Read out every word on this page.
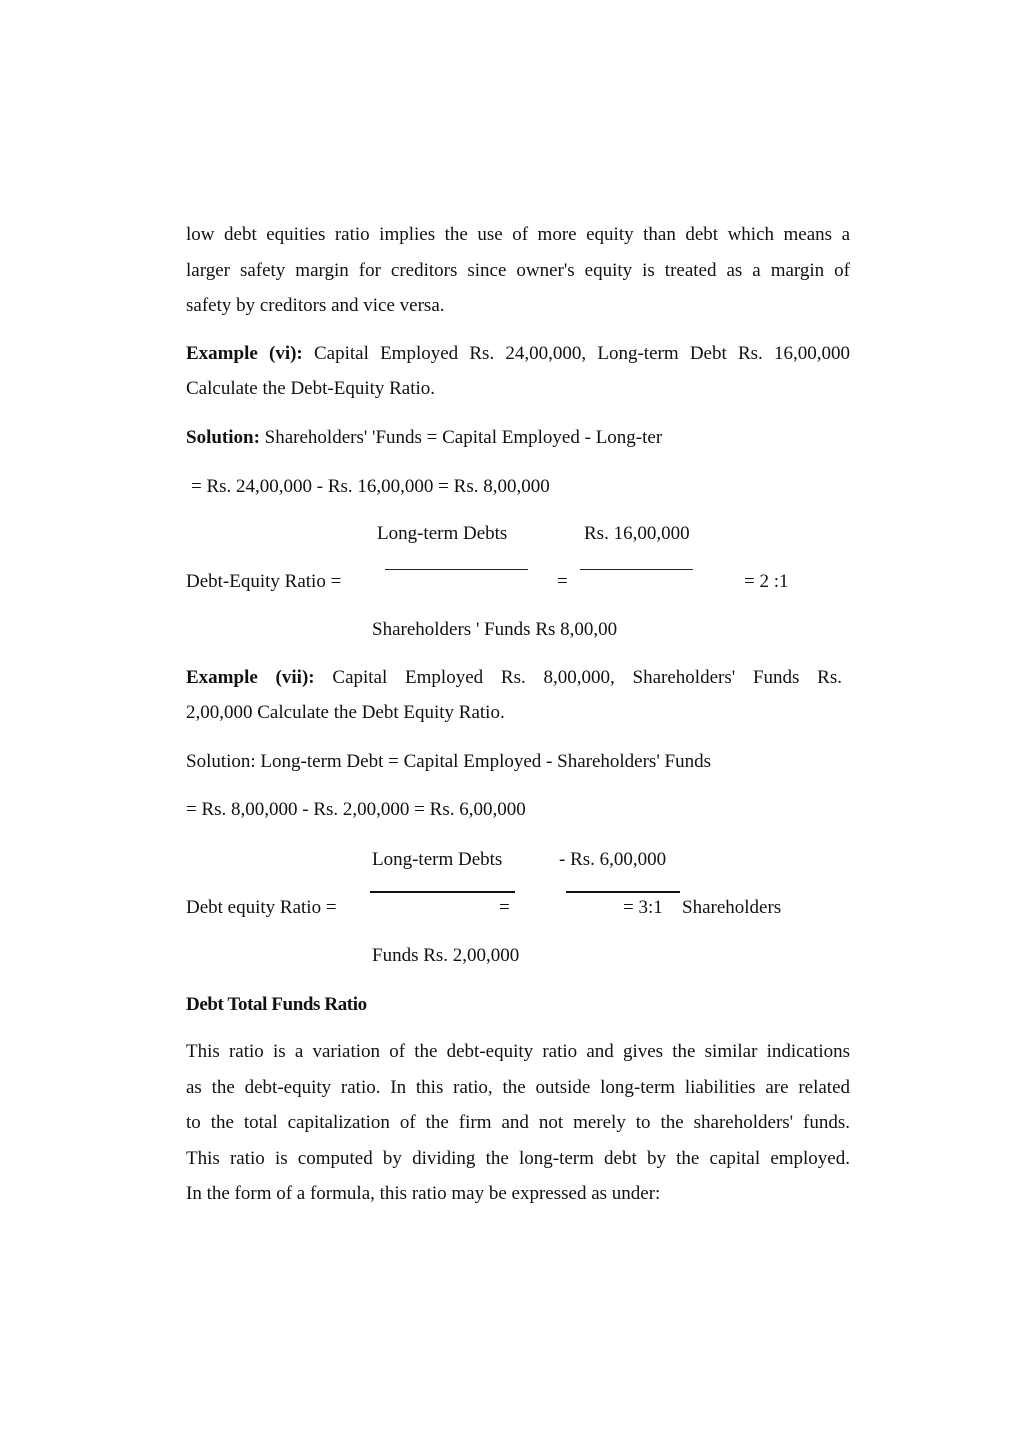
low debt equities ratio implies the use of more equity than debt which means a
larger safety margin for creditors since owner's equity is treated as a margin of
safety by creditors and vice versa.
Example (vi): Capital Employed Rs. 24,00,000, Long-term Debt Rs. 16,00,000
Calculate the Debt-Equity Ratio.
Solution: Shareholders' 'Funds = Capital Employed - Long-ter
= Rs. 24,00,000 - Rs. 16,00,000 = Rs. 8,00,000
Long-term Debts	Rs. 16,00,000
Debt-Equity Ratio =	=	= 2 :1
Shareholders ' Funds Rs 8,00,00
Example (vii): Capital Employed Rs. 8,00,000, Shareholders' Funds Rs.
2,00,000 Calculate the Debt Equity Ratio.
Solution: Long-term Debt = Capital Employed - Shareholders' Funds
= Rs. 8,00,000 - Rs. 2,00,000 = Rs. 6,00,000
Long-term Debts	- Rs. 6,00,000
Debt equity Ratio =	=	= 3:1 Shareholders
Funds Rs. 2,00,000
Debt Total Funds Ratio
This ratio is a variation of the debt-equity ratio and gives the similar indications
as the debt-equity ratio. In this ratio, the outside long-term liabilities are related
to the total capitalization of the firm and not merely to the shareholders' funds.
This ratio is computed by dividing the long-term debt by the capital employed.
In the form of a formula, this ratio may be expressed as under:
